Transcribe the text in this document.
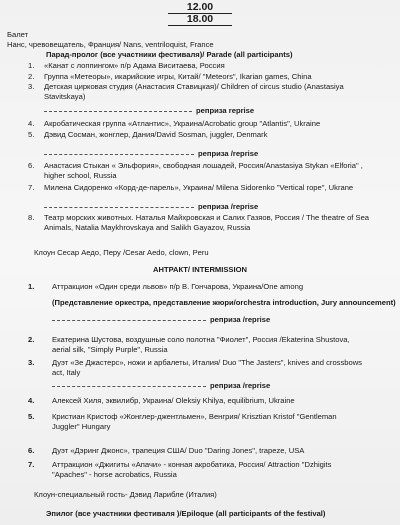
12.00
18.00
Балет
Нанс, чревовещатель, Франция/ Nans, ventriloquist, France
Парад-пролог (все участники фестиваля)/ Parade (all participants)
1. «Канат с лоппингом» п/р Адама Виситаева, Россия
2. Группа «Метеоры», икарийские игры, Китай/ "Meteors", Ikarian games, China
3. Детская цирковая студия (Анастасия Ставицкая)/ Children of circus studio (Anastasiya
Stavitskaya)
реприза reprise
4. Акробатическая группа «Атлантис», Украина/Acrobatic group "Atlantis", Ukraine
5. Дэвид Сосман, жонглер, Дания/David Sosman, juggler, Denmark
реприза /reprise
6. Анастасия Стыкан « Эльфория», свободная лошадей, Россия/Anastasiya Stykan «Elforia" ,
higher school, Russia
7. Милена Сидоренко «Корд-де-парель», Украина/ Milena Sidorenko "Vertical rope", Ukrane
реприза /reprise
8. Театр морских животных. Наталья Майхровская и Салих Газяов, Россия / The theatre of Sea
Animals, Natalia Maykhrovskaya and Salikh Gayazov, Russia
Клоун Сесар Аедо, Перу /Cesar Aedo, clown, Peru
АНТРАКТ/ INTERMISSION
1. Аттракцион «Один среди львов» п/р В. Гончарова, Украина/One among
(Представление оркестра, представление жюри/orchestra introduction, Jury announcement)
реприза /reprise
2. Екатерина Шустова, воздушные соло полотна "Фиолет", Россия /Ekaterina Shustova,
aerial silk, "Simply Purple", Russia
3. Дуэт «Зе Джастерс», ножи и арбалеты, Италия/ Duo "The Jasters", knives and crossbows
act, Italy
реприза /reprise
4. Алексей Хиля, эквилибр, Украина/ Oleksiy Khilya, equilibrium, Ukraine
5. Кристиан Кристоф «Жонглер-джентльмен», Венгрия/ Krisztian Kristof "Gentleman
Juggler" Hungary
6. Дуэт «Дэринг Джонс», трапеция США/ Duo "Daring Jones", trapeze, USA
7. Аттракцион «Джигиты «Апачи» - конная акробатика, Россия/ Attraction "Dzhigits
"Apaches" - horse acrobatics, Russia
Клоун-специальный гость- Дэвид Ларибле (Италия)
Эпилог (все участники фестиваля )/Epiloque (all participants of the festival)
